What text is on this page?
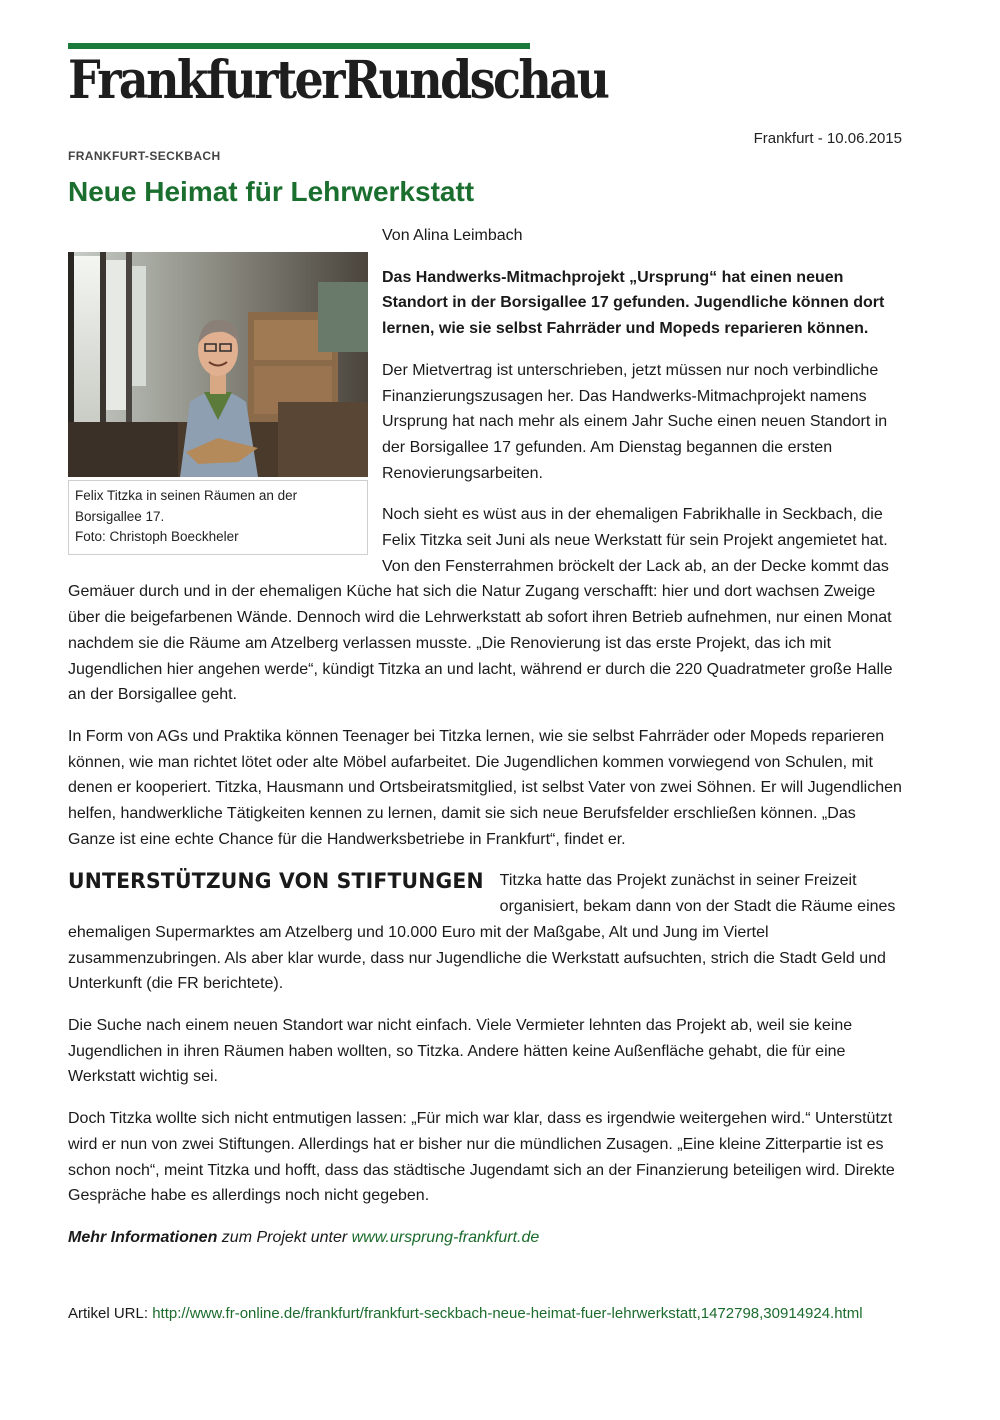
FrankfurterRundschau
Frankfurt - 10.06.2015
FRANKFURT-SECKBACH
Neue Heimat für Lehrwerkstatt
Felix Titzka in seinen Räumen an der Borsigallee 17.
Foto: Christoph Boeckheler

Von Alina Leimbach

Das Handwerks-Mitmachprojekt „Ursprung“ hat einen neuen Standort in der Borsigallee 17 gefunden. Jugendliche können dort lernen, wie sie selbst Fahrräder und Mopeds reparieren können.

Der Mietvertrag ist unterschrieben, jetzt müssen nur noch verbindliche Finanzierungszusagen her. Das Handwerks-Mitmachprojekt namens Ursprung hat nach mehr als einem Jahr Suche einen neuen Standort in der Borsigallee 17 gefunden. Am Dienstag begannen die ersten Renovierungsarbeiten.

Noch sieht es wüst aus in der ehemaligen Fabrikhalle in Seckbach, die Felix Titzka seit Juni als neue Werkstatt für sein Projekt angemietet hat. Von den Fensterrahmen bröckelt der Lack ab, an der Decke kommt das Gemäuer durch und in der ehemaligen Küche hat sich die Natur Zugang verschafft: hier und dort wachsen Zweige über die beigefarbenen Wände. Dennoch wird die Lehrwerkstatt ab sofort ihren Betrieb aufnehmen, nur einen Monat nachdem sie die Räume am Atzelberg verlassen musste. „Die Renovierung ist das erste Projekt, das ich mit Jugendlichen hier angehen werde“, kündigt Titzka an und lacht, während er durch die 220 Quadratmeter große Halle an der Borsigallee geht.

In Form von AGs und Praktika können Teenager bei Titzka lernen, wie sie selbst Fahrräder oder Mopeds reparieren können, wie man richtet lötet oder alte Möbel aufarbeitet. Die Jugendlichen kommen vorwiegend von Schulen, mit denen er kooperiert. Titzka, Hausmann und Ortsbeiratsmitglied, ist selbst Vater von zwei Söhnen. Er will Jugendlichen helfen, handwerkliche Tätigkeiten kennen zu lernen, damit sie sich neue Berufsfelder erschließen können. „Das Ganze ist eine echte Chance für die Handwerksbetriebe in Frankfurt“, findet er.

UNTERSTÜTZUNG VON STIFTUNGEN Titzka hatte das Projekt zunächst in seiner Freizeit organisiert, bekam dann von der Stadt die Räume eines ehemaligen Supermarktes am Atzelberg und 10.000 Euro mit der Maßgabe, Alt und Jung im Viertel zusammenzubringen. Als aber klar wurde, dass nur Jugendliche die Werkstatt aufsuchten, strich die Stadt Geld und Unterkunft (die FR berichtete).

Die Suche nach einem neuen Standort war nicht einfach. Viele Vermieter lehnten das Projekt ab, weil sie keine Jugendlichen in ihren Räumen haben wollten, so Titzka. Andere hätten keine Außenfläche gehabt, die für eine Werkstatt wichtig sei.

Doch Titzka wollte sich nicht entmutigen lassen: „Für mich war klar, dass es irgendwie weitergehen wird.“ Unterstützt wird er nun von zwei Stiftungen. Allerdings hat er bisher nur die mündlichen Zusagen. „Eine kleine Zitterpartie ist es schon noch“, meint Titzka und hofft, dass das städtische Jugendamt sich an der Finanzierung beteiligen wird. Direkte Gespräche habe es allerdings noch nicht gegeben.

Mehr Informationen zum Projekt unter www.ursprung-frankfurt.de

Artikel URL: http://www.fr-online.de/frankfurt/frankfurt-seckbach-neue-heimat-fuer-lehrwerkstatt,1472798,30914924.html
